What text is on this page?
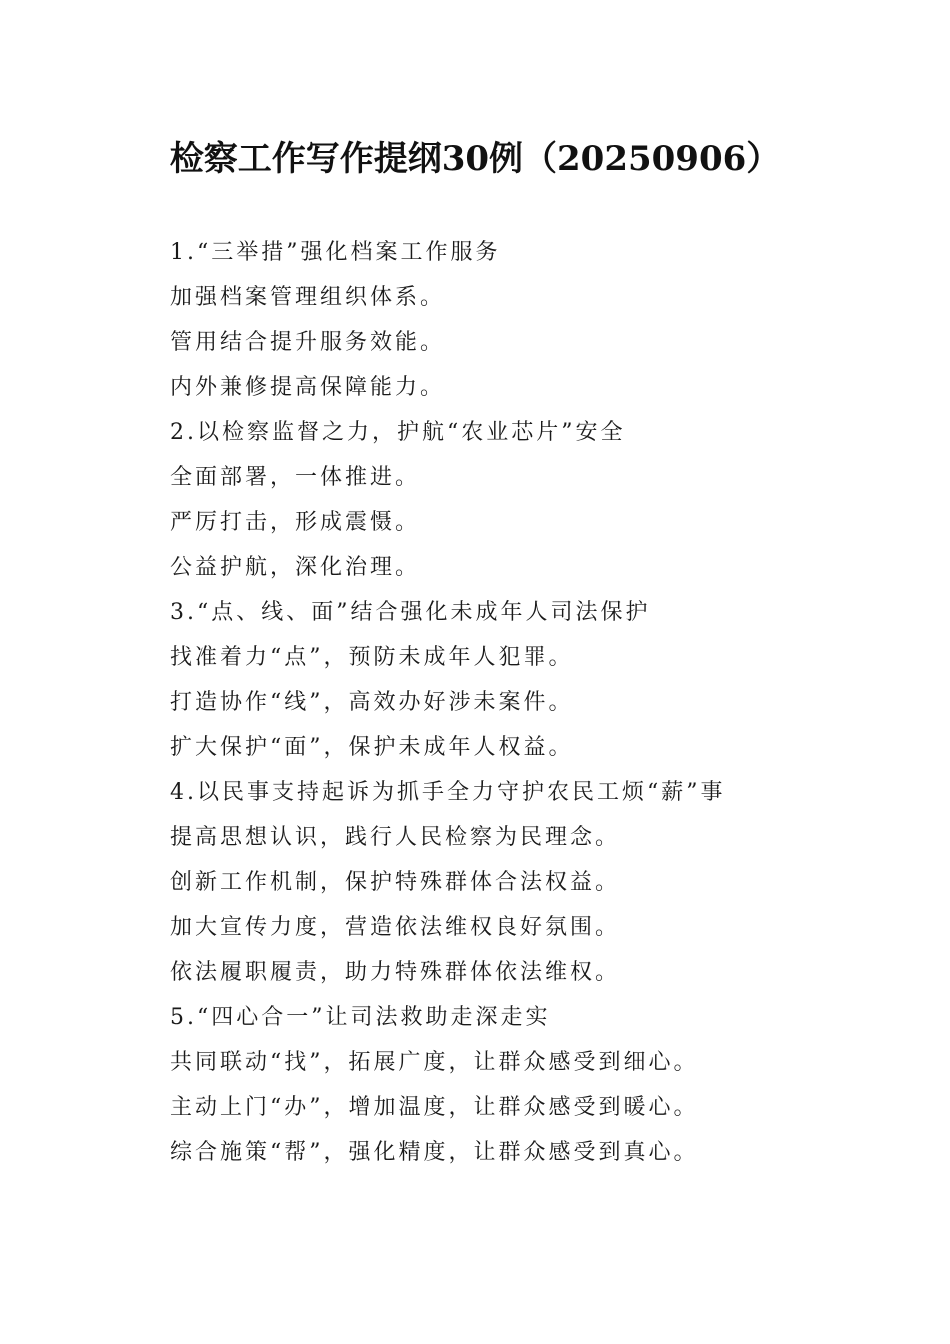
检察工作写作提纲30例（20250906）
1.“三举措”强化档案工作服务
加强档案管理组织体系。
管用结合提升服务效能。
内外兼修提高保障能力。
2.以检察监督之力，护航“农业芯片”安全
全面部署，一体推进。
严厉打击，形成震慑。
公益护航，深化治理。
3.“点、线、面”结合强化未成年人司法保护
找准着力“点”，预防未成年人犯罪。
打造协作“线”，高效办好涉未案件。
扩大保护“面”，保护未成年人权益。
4.以民事支持起诉为抓手全力守护农民工烦“薪”事
提高思想认识，践行人民检察为民理念。
创新工作机制，保护特殊群体合法权益。
加大宣传力度，营造依法维权良好氛围。
依法履职履责，助力特殊群体依法维权。
5.“四心合一”让司法救助走深走实
共同联动“找”，拓展广度，让群众感受到细心。
主动上门“办”，增加温度，让群众感受到暖心。
综合施策“帮”，强化精度，让群众感受到真心。
